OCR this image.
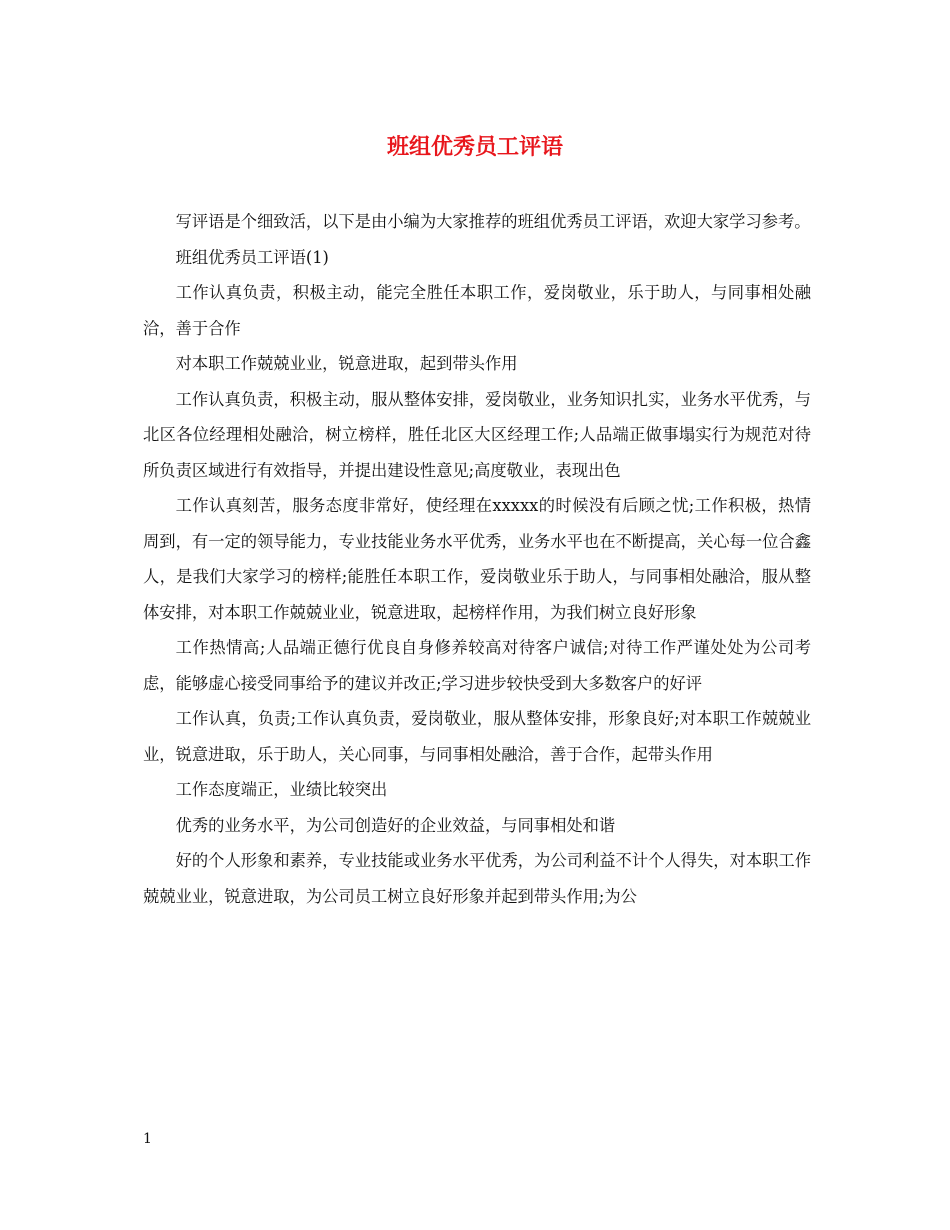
班组优秀员工评语

写评语是个细致活，以下是由小编为大家推荐的班组优秀员工评语，欢迎大家学习参考。

班组优秀员工评语(1)

工作认真负责，积极主动，能完全胜任本职工作，爱岗敬业，乐于助人，与同事相处融洽，善于合作

对本职工作兢兢业业，锐意进取，起到带头作用

工作认真负责，积极主动，服从整体安排，爱岗敬业，业务知识扎实，业务水平优秀，与北区各位经理相处融洽，树立榜样，胜任北区大区经理工作;人品端正做事塌实行为规范对待所负责区域进行有效指导，并提出建设性意见;高度敬业，表现出色

工作认真刻苦，服务态度非常好，使经理在xxxxx的时候没有后顾之忧;工作积极，热情周到，有一定的领导能力，专业技能业务水平优秀，业务水平也在不断提高，关心每一位合鑫人，是我们大家学习的榜样;能胜任本职工作，爱岗敬业乐于助人，与同事相处融洽，服从整体安排，对本职工作兢兢业业，锐意进取，起榜样作用，为我们树立良好形象

工作热情高;人品端正德行优良自身修养较高对待客户诚信;对待工作严谨处处为公司考虑，能够虚心接受同事给予的建议并改正;学习进步较快受到大多数客户的好评

工作认真，负责;工作认真负责，爱岗敬业，服从整体安排，形象良好;对本职工作兢兢业业，锐意进取，乐于助人，关心同事，与同事相处融洽，善于合作，起带头作用

工作态度端正，业绩比较突出

优秀的业务水平，为公司创造好的企业效益，与同事相处和谐

好的个人形象和素养，专业技能或业务水平优秀，为公司利益不计个人得失，对本职工作兢兢业业，锐意进取，为公司员工树立良好形象并起到带头作用;为公

1
